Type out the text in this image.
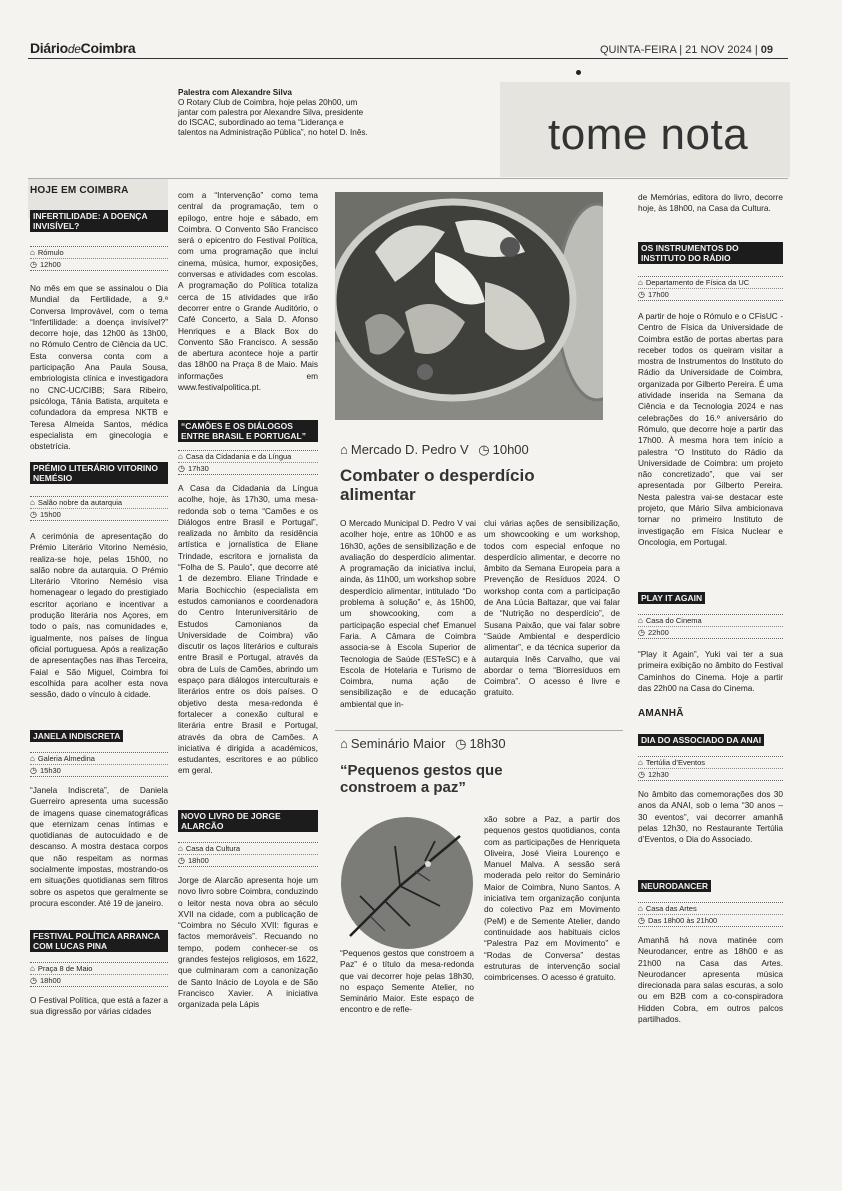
DiáriodeCoimbra	QUINTA-FEIRA | 21 NOV 2024 | 09
Palestra com Alexandre Silva
O Rotary Club de Coimbra, hoje pelas 20h00, um jantar com palestra por Alexandre Silva, presidente do ISCAC, subordinado ao tema “Liderança e talentos na Administração Pública”, no hotel D. Inês.	tome nota
HOJE EM COIMBRA
INFERTILIDADE: A DOENÇA INVISÍVEL?
⌂ Rómulo
◷ 12h00
No mês em que se assinalou o Dia Mundial da Fertilidade, a 9.ª Conversa Improvável, com o tema “Infertilidade: a doença invisível?” decorre hoje, das 12h00 às 13h00, no Rómulo Centro de Ciência da UC. Esta conversa conta com a participação Ana Paula Sousa, embriologista clínica e investigadora no CNC-UC/CIBB; Sara Ribeiro, psicóloga, Tânia Batista, arquiteta e cofundadora da empresa NKTB e Teresa Almeida Santos, médica especialista em ginecologia e obstetrícia.
PRÉMIO LITERÁRIO VITORINO NEMÉSIO
⌂ Salão nobre da autarquia
◷ 15h00
A cerimónia de apresentação do Prémio Literário Vitorino Nemésio, realiza-se hoje, pelas 15h00, no salão nobre da autarquia. O Prémio Literário Vitorino Nemésio visa homenagear o legado do prestigiado escritor açoriano e incentivar a produção literária nos Açores, em todo o país, nas comunidades e, igualmente, nos países de língua oficial portuguesa. Após a realização de apresentações nas ilhas Terceira, Faial e São Miguel, Coimbra foi escolhida para acolher esta nova sessão, dado o vínculo à cidade.
JANELA INDISCRETA
⌂ Galeria Almedina
◷ 15h30
“Janela Indiscreta”, de Daniela Guerreiro apresenta uma sucessão de imagens quase cinematográficas que eternizam cenas íntimas e quotidianas de autocuidado e de descanso. A mostra destaca corpos que não respeitam as normas socialmente impostas, mostrando-os em situações quotidianas sem filtros sobre os aspetos que geralmente se procura esconder. Até 19 de janeiro.
FESTIVAL POLÍTICA ARRANCA COM LUCAS PINA
⌂ Praça 8 de Maio
◷ 18h00
O Festival Política, que está a fazer a sua digressão por várias cidades
com a “Intervenção” como tema central da programação, tem o epílogo, entre hoje e sábado, em Coimbra. O Convento São Francisco será o epicentro do Festival Política, com uma programação que inclui cinema, música, humor, exposições, conversas e atividades com escolas. A programação do Política totaliza cerca de 15 atividades que irão decorrer entre o Grande Auditório, o Café Concerto, a Sala D. Afonso Henriques e a Black Box do Convento São Francisco. A sessão de abertura acontece hoje a partir das 18h00 na Praça 8 de Maio. Mais informações em www.festivalpolitica.pt.
“CAMÕES E OS DIÁLOGOS ENTRE BRASIL E PORTUGAL”
⌂ Casa da Cidadania e da Língua
◷ 17h30
A Casa da Cidadania da Língua acolhe, hoje, às 17h30, uma mesa-redonda sob o tema “Camões e os Diálogos entre Brasil e Portugal”, realizada no âmbito da residência artística e jornalística de Eliane Trindade, escritora e jornalista da “Folha de S. Paulo”, que decorre até 1 de dezembro. Eliane Trindade e Maria Bochicchio (especialista em estudos camonianos e coordenadora do Centro Interuniversitário de Estudos Camonianos da Universidade de Coimbra) vão discutir os laços literários e culturais entre Brasil e Portugal, através da obra de Luís de Camões, abrindo um espaço para diálogos interculturais e literários entre os dois países. O objetivo desta mesa-redonda é fortalecer a conexão cultural e literária entre Brasil e Portugal, através da obra de Camões. A iniciativa é dirigida a académicos, estudantes, escritores e ao público em geral.
NOVO LIVRO DE JORGE ALARCÃO
⌂ Casa da Cultura
◷ 18h00
Jorge de Alarcão apresenta hoje um novo livro sobre Coimbra, conduzindo o leitor nesta nova obra ao século XVII na cidade, com a publicação de “Coimbra no Século XVII: figuras e factos memoráveis”. Recuando no tempo, podem conhecer-se os grandes festejos religiosos, em 1622, que culminaram com a canonização de Santo Inácio de Loyola e de São Francisco Xavier. A iniciativa organizada pela Lápis
⌂ Mercado D. Pedro V ◷ 10h00
Combater o desperdício alimentar
O Mercado Municipal D. Pedro V vai acolher hoje, entre as 10h00 e as 16h30, ações de sensibilização e de avaliação do desperdício alimentar. A programação da iniciativa inclui, ainda, às 11h00, um workshop sobre desperdício alimentar, intitulado “Do problema à solução” e, às 15h00, um showcooking, com a participação especial chef Emanuel Faria. A Câmara de Coimbra associa-se à Escola Superior de Tecnologia de Saúde (ESTeSC) e à Escola de Hotelaria e Turismo de Coimbra, numa ação de sensibilização e de educação ambiental que in-
clui várias ações de sensibilização, um showcooking e um workshop, todos com especial enfoque no desperdício alimentar, e decorre no âmbito da Semana Europeia para a Prevenção de Resíduos 2024. O workshop conta com a participação de Ana Lúcia Baltazar, que vai falar de “Nutrição no desperdício”, de Susana Paixão, que vai falar sobre “Saúde Ambiental e desperdício alimentar”, e da técnica superior da autarquia Inês Carvalho, que vai abordar o tema “Biorresíduos em Coimbra”. O acesso é livre e gratuito.
⌂ Seminário Maior ◷ 18h30
“Pequenos gestos que constroem a paz”
“Pequenos gestos que constroem a Paz” é o título da mesa-redonda que vai decorrer hoje pelas 18h30, no espaço Semente Atelier, no Seminário Maior. Este espaço de encontro e de refle-
xão sobre a Paz, a partir dos pequenos gestos quotidianos, conta com as participações de Henriqueta Oliveira, José Vieira Lourenço e Manuel Malva. A sessão será moderada pelo reitor do Seminário Maior de Coimbra, Nuno Santos. A iniciativa tem organização conjunta do colectivo Paz em Movimento (PeM) e de Semente Atelier, dando continuidade aos habituais ciclos “Palestra Paz em Movimento” e “Rodas de Conversa” destas estruturas de intervenção social coimbricenses. O acesso é gratuito.
de Memórias, editora do livro, decorre hoje, às 18h00, na Casa da Cultura.
OS INSTRUMENTOS DO INSTITUTO DO RÁDIO
⌂ Departamento de Física da UC
◷ 17h00
A partir de hoje o Rómulo e o CFisUC - Centro de Física da Universidade de Coimbra estão de portas abertas para receber todos os queiram visitar a mostra de Instrumentos do Instituto do Rádio da Universidade de Coimbra, organizada por Gilberto Pereira. É uma atividade inserida na Semana da Ciência e da Tecnologia 2024 e nas celebrações do 16.º aniversário do Rómulo, que decorre hoje a partir das 17h00. À mesma hora tem início a palestra “O Instituto do Rádio da Universidade de Coimbra: um projeto não concretizado”, que vai ser apresentada por Gilberto Pereira. Nesta palestra vai-se destacar este projeto, que Mário Silva ambicionava tornar no primeiro Instituto de investigação em Física Nuclear e Oncologia, em Portugal.
PLAY IT AGAIN
⌂ Casa do Cinema
◷ 22h00
“Play it Again”, Yuki vai ter a sua primeira exibição no âmbito do Festival Caminhos do Cinema. Hoje a partir das 22h00 na Casa do Cinema.
AMANHÃ
DIA DO ASSOCIADO DA ANAI
⌂ Tertúlia d’Eventos
◷ 12h30
No âmbito das comemorações dos 30 anos da ANAI, sob o lema “30 anos – 30 eventos”, vai decorrer amanhã pelas 12h30, no Restaurante Tertúlia d’Eventos, o Dia do Associado.
NEURODANCER
⌂ Casa das Artes
◷ Das 18h00 às 21h00
Amanhã há nova matinée com Neurodancer, entre as 18h00 e as 21h00 na Casa das Artes. Neurodancer apresenta música direcionada para salas escuras, a solo ou em B2B com a co-conspiradora Hidden Cobra, em outros palcos partilhados.
